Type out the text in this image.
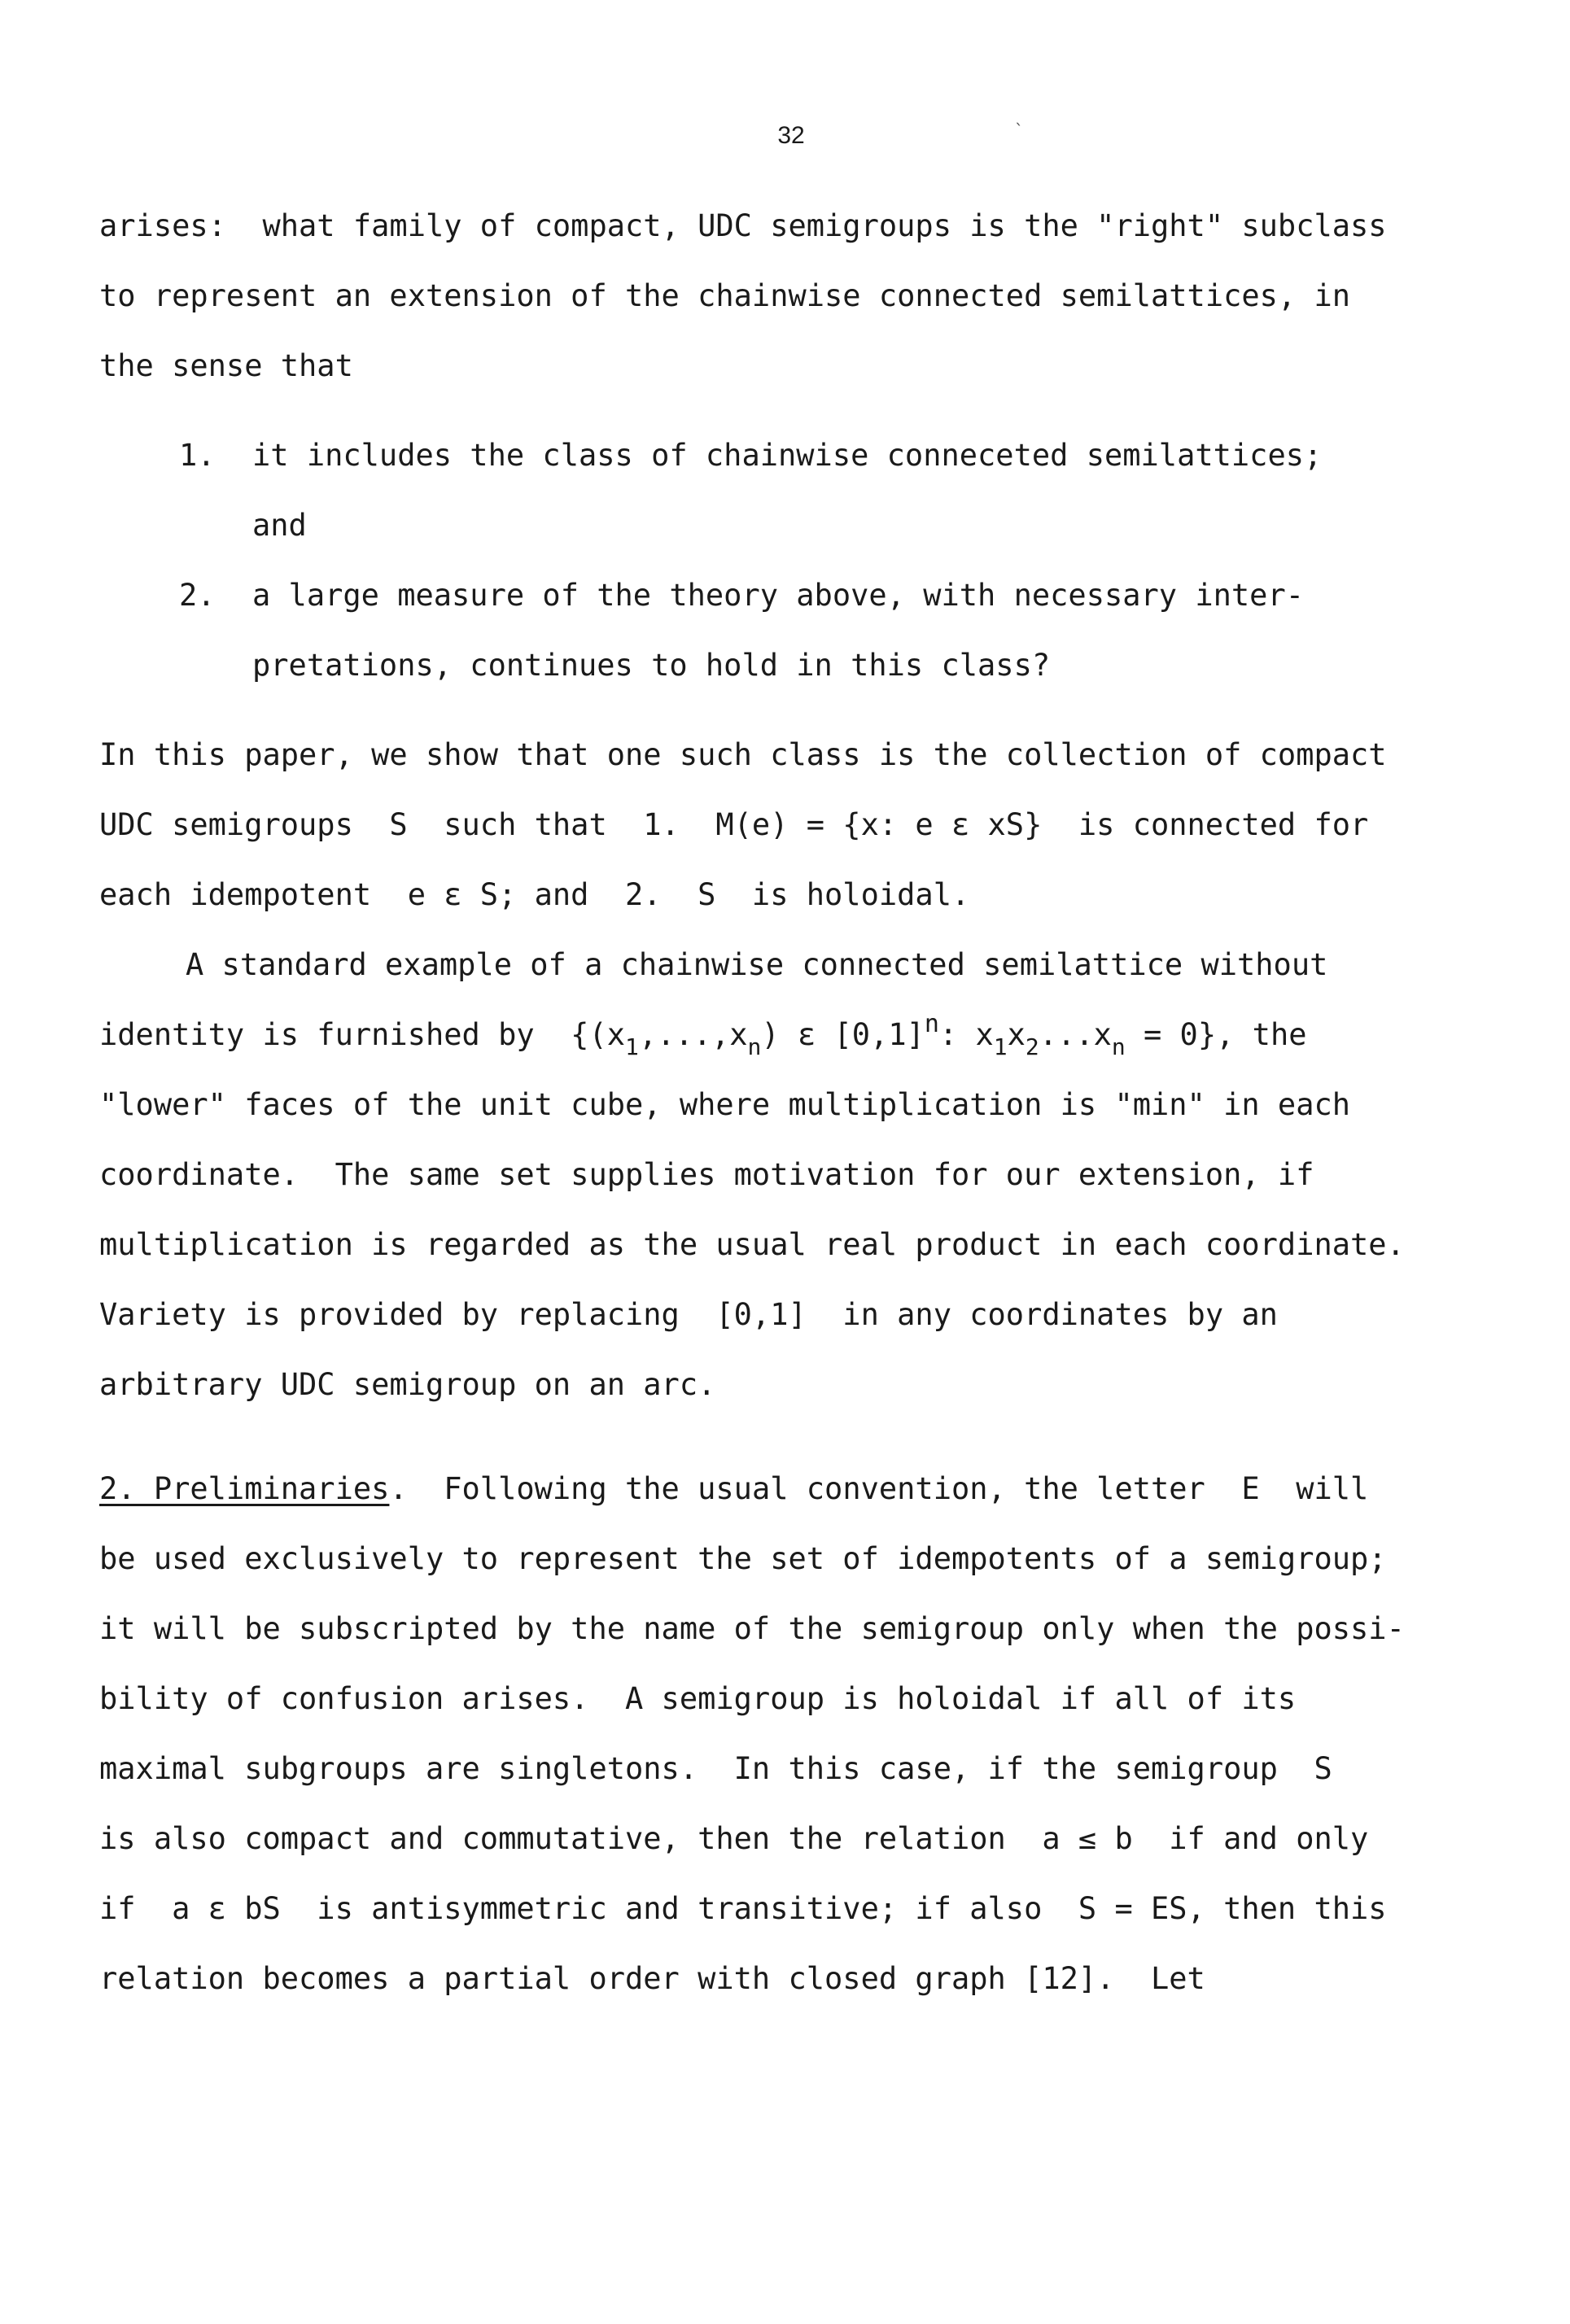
32	`
arises:  what family of compact, UDC semigroups is the "right" subclass
to represent an extension of the chainwise connected semilattices, in
the sense that
1. it includes the class of chainwise conneceted semilattices;
and
2. a large measure of the theory above, with necessary inter-
pretations, continues to hold in this class?
In this paper, we show that one such class is the collection of compact
UDC semigroups  S  such that  1.  M(e) = {x: e ε xS}  is connected for
each idempotent  e ε S; and  2.  S  is holoidal.
A standard example of a chainwise connected semilattice without
identity is furnished by  {$(x_1,...,x_n)$ ε $[0,1]^n$: $x_1x_2...x_n = 0$}, the
"lower" faces of the unit cube, where multiplication is "min" in each
coordinate.  The same set supplies motivation for our extension, if
multiplication is regarded as the usual real product in each coordinate.
Variety is provided by replacing  [0,1]  in any coordinates by an
arbitrary UDC semigroup on an arc.
2. Preliminaries.  Following the usual convention, the letter  E  will
be used exclusively to represent the set of idempotents of a semigroup;
it will be subscripted by the name of the semigroup only when the possi-
bility of confusion arises.  A semigroup is holoidal if all of its
maximal subgroups are singletons.  In this case, if the semigroup  S
is also compact and commutative, then the relation  a ≤ b  if and only
if  a ε bS  is antisymmetric and transitive; if also  S = ES, then this
relation becomes a partial order with closed graph [12].  Let
